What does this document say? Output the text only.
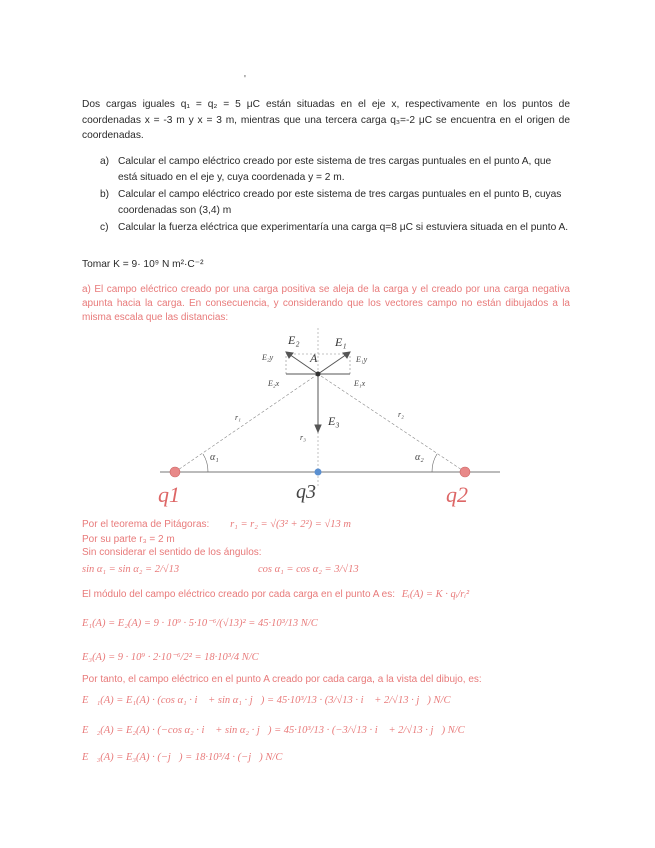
'
Dos cargas iguales q₁ = q₂ = 5 μC están situadas en el eje x, respectivamente en los puntos de coordenadas x = -3 m y x = 3 m, mientras que una tercera carga q₃=-2 μC se encuentra en el origen de coordenadas.
a) Calcular el campo eléctrico creado por este sistema de tres cargas puntuales en el punto A, que está situado en el eje y, cuya coordenada y = 2 m.
b) Calcular el campo eléctrico creado por este sistema de tres cargas puntuales en el punto B, cuyas coordenadas son (3,4) m
c) Calcular la fuerza eléctrica que experimentaría una carga q=8 μC si estuviera situada en el punto A.
Tomar K = 9· 10⁹ N m²·C⁻²
a) El campo eléctrico creado por una carga positiva se aleja de la carga y el creado por una carga negativa apunta hacia la carga. En consecuencia, y considerando que los vectores campo no están dibujados a la misma escala que las distancias:
A
E₁
E₂
E₃
E₁y
E₂y
E₁x
E₂x
r₁	r₂
r₃
α₁	α₂
q1	q3	q2
Por el teorema de Pitágoras: r₁ = r₂ = √(3² + 2²) = √13 m
Por su parte r₃ = 2 m
Sin considerar el sentido de los ángulos:
sin α₁ = sin α₂ = 2/√13	cos α₁ = cos α₂ = 3/√13
El módulo del campo eléctrico creado por cada carga en el punto A es: Eᵢ(A) = K · qᵢ/rᵢ²
E₁(A) = E₂(A) = 9 · 10⁹ · 5·10⁻⁶/(√13)² = 45·10³/13 N/C
E₃(A) = 9 · 10⁹ · 2·10⁻⁶/2² = 18·10³/4 N/C
Por tanto, el campo eléctrico en el punto A creado por cada carga, a la vista del dibujo, es:
E⃗₁(A) = E₁(A) · (cos α₁ · i⃗ + sin α₁ · j⃗) = 45·10³/13 · (3/√13 · i⃗ + 2/√13 · j⃗) N/C
E⃗₂(A) = E₂(A) · (−cos α₂ · i⃗ + sin α₂ · j⃗) = 45·10³/13 · (−3/√13 · i⃗ + 2/√13 · j⃗) N/C
E⃗₃(A) = E₃(A) · (−j⃗) = 18·10³/4 · (−j⃗) N/C
